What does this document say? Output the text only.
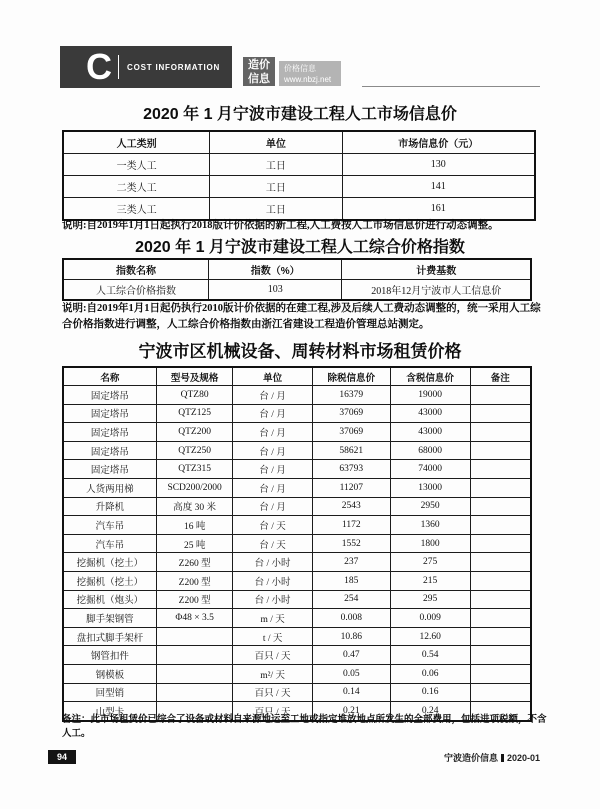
C COST INFORMATION	造价
信息
价格信息
www.nbzj.net
2020 年 1 月宁波市建设工程人工市场信息价
人工类别	单位	市场信息价（元）
一类人工	工日	130
二类人工	工日	141
三类人工	工日	161
说明:自2019年1月1日起执行2018版计价依据的新工程,人工费按人工市场信息价进行动态调整。
2020 年 1 月宁波市建设工程人工综合价格指数
指数名称	指数（%）	计费基数
人工综合价格指数	103	2018年12月宁波市人工信息价
说明:自2019年1月1日起仍执行2010版计价依据的在建工程,涉及后续人工费动态调整的，统一采用人工综合价格指数进行调整，人工综合价格指数由浙江省建设工程造价管理总站测定。
宁波市区机械设备、周转材料市场租赁价格
名称	型号及规格	单位	除税信息价	含税信息价	备注
固定塔吊	QTZ80	台 / 月	16379	19000	
固定塔吊	QTZ125	台 / 月	37069	43000	
固定塔吊	QTZ200	台 / 月	37069	43000	
固定塔吊	QTZ250	台 / 月	58621	68000	
固定塔吊	QTZ315	台 / 月	63793	74000	
人货两用梯	SCD200/2000	台 / 月	11207	13000	
升降机	高度 30 米	台 / 月	2543	2950	
汽车吊	16 吨	台 / 天	1172	1360	
汽车吊	25 吨	台 / 天	1552	1800	
挖掘机（挖土）	Z260 型	台 / 小时	237	275	
挖掘机（挖土）	Z200 型	台 / 小时	185	215	
挖掘机（炮头）	Z200 型	台 / 小时	254	295	
脚手架钢管	Φ48 × 3.5	m / 天	0.008	0.009	
盘扣式脚手架杆		t / 天	10.86	12.60	
钢管扣件		百只 / 天	0.47	0.54	
钢模板		m²/ 天	0.05	0.06	
回型销		百只 / 天	0.14	0.16	
山型卡		百只 / 天	0.21	0.24	
备注：此市场租赁价已综合了设备或材料自来源地运至工地或指定堆放地点所发生的全部费用，包括进项税额，不含人工。
94	宁波造价信息 2020-01
